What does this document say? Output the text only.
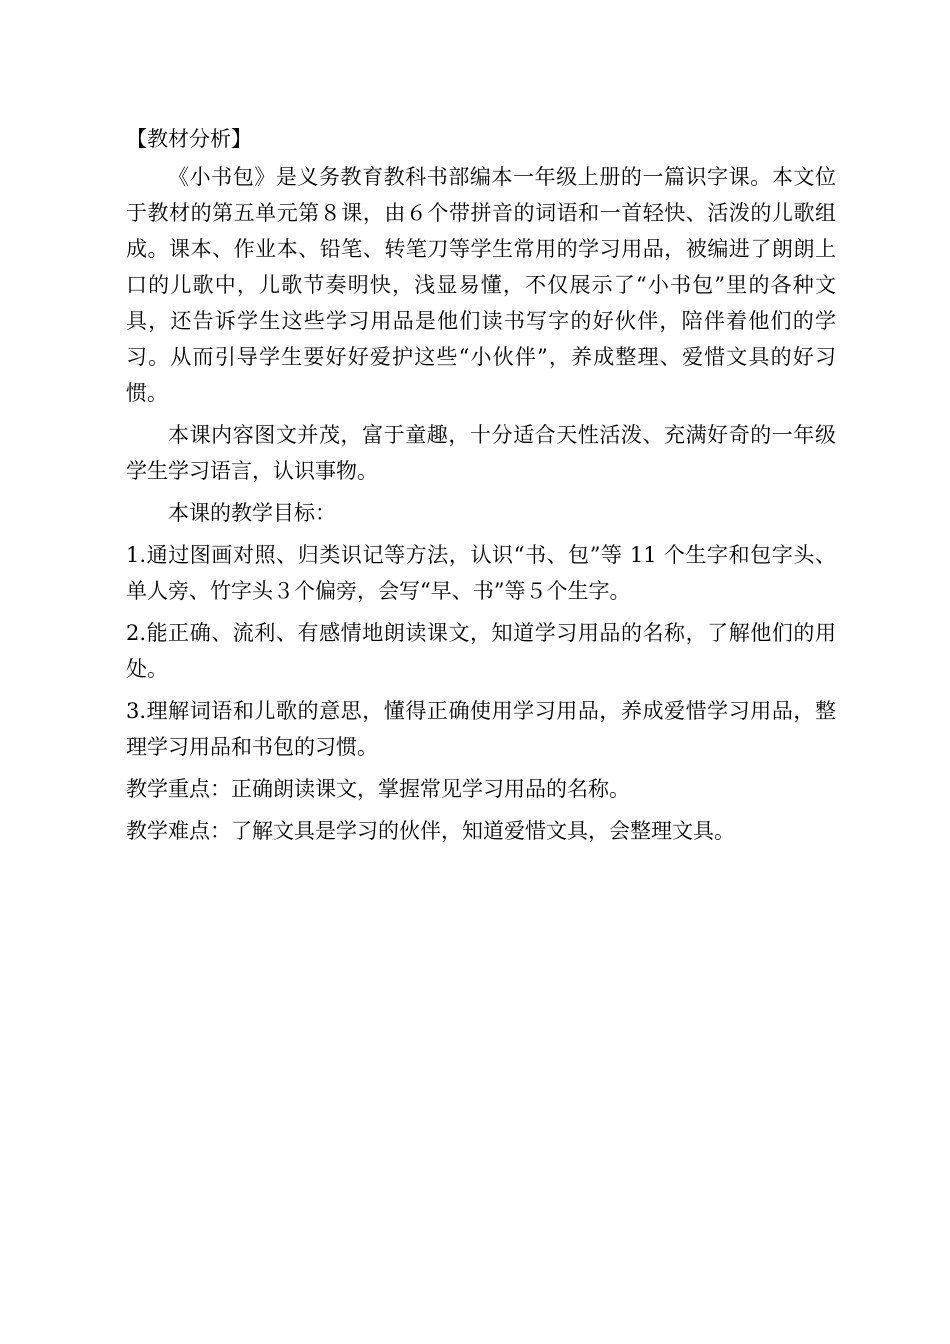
【教材分析】

《小书包》是义务教育教科书部编本一年级上册的一篇识字课。本文位于教材的第五单元第８课，由６个带拼音的词语和一首轻快、活泼的儿歌组成。课本、作业本、铅笔、转笔刀等学生常用的学习用品，被编进了朗朗上口的儿歌中，儿歌节奏明快，浅显易懂，不仅展示了“小书包”里的各种文具，还告诉学生这些学习用品是他们读书写字的好伙伴，陪伴着他们的学习。从而引导学生要好好爱护这些“小伙伴”，养成整理、爱惜文具的好习惯。

本课内容图文并茂，富于童趣，十分适合天性活泼、充满好奇的一年级学生学习语言，认识事物。

本课的教学目标：

1.通过图画对照、归类识记等方法，认识“书、包”等 11 个生字和包字头、单人旁、竹字头３个偏旁，会写“早、书”等５个生字。

2.能正确、流利、有感情地朗读课文，知道学习用品的名称，了解他们的用处。

3.理解词语和儿歌的意思，懂得正确使用学习用品，养成爱惜学习用品，整理学习用品和书包的习惯。

教学重点：正确朗读课文，掌握常见学习用品的名称。

教学难点：了解文具是学习的伙伴，知道爱惜文具，会整理文具。
